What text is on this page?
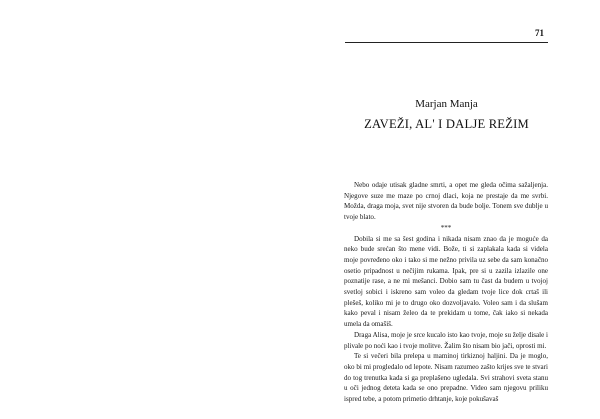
71
Marjan Manja
ZAVEŽI, AL' I DALJE REŽIM

Nebo odaje utisak gladne smrti, a opet me gleda očima sažaljenja. Njegove suze me maze po crnoj dlaci, koja ne prestaje da me svrbi. Možda, draga moja, svet nije stvoren da bude bolje. Tonem sve dublje u tvoje blato.

***

Dobila si me sa šest godina i nikada nisam znao da je moguće da neko bude srećan što mene vidi. Bože, ti si zaplakala kada si videla moje povređeno oko i tako si me nežno privila uz sebe da sam konačno osetio pripadnost u nečijim rukama. Ipak, pre si u zazila izlazile one poznatije rase, a ne mi mešanci. Dobio sam tu čast da budem u tvojoj svetloj sobici i iskreno sam voleo da gledam tvoje lice dok crtaš ili plešeš, koliko mi je to drugo oko dozvoljavalo. Voleo sam i da slušam kako peval i nisam želeo da te prekidam u tome, čak iako si nekada umela da omašiš.

Draga Alisa, moje je srce kucalo isto kao tvoje, moje su želje disale i plivale po noći kao i tvoje molitve. Žalim što nisam bio jači, oprosti mi.

Te si večeri bila prelepa u maminoj tirkiznoj haljini. Da je moglo, oko bi mi progledalo od lepote. Nisam razumeo zašto krijes sve te stvari do tog trenutka kada si ga preplašeno ugledala. Svi strahovi sveta stanu u oči jednog deteta kada se ono prepadne. Video sam njegovu priliku ispred tebe, a potom primetio drhtanje, koje pokušavaš
